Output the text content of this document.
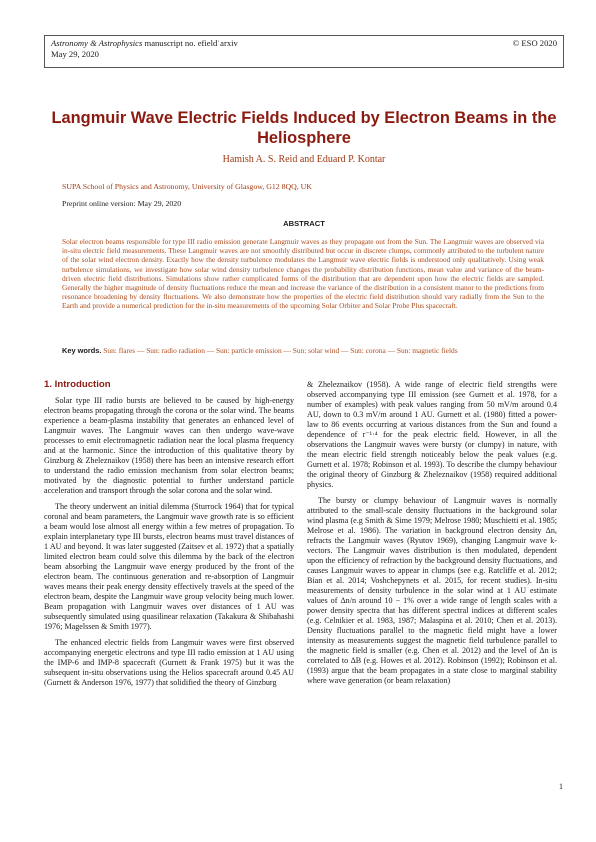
Astronomy & Astrophysics manuscript no. efield˙arxiv
May 29, 2020
© ESO 2020
Langmuir Wave Electric Fields Induced by Electron Beams in the Heliosphere
Hamish A. S. Reid and Eduard P. Kontar
SUPA School of Physics and Astronomy, University of Glasgow, G12 8QQ, UK
Preprint online version: May 29, 2020
ABSTRACT
Solar electron beams responsible for type III radio emission generate Langmuir waves as they propagate out from the Sun. The Langmuir waves are observed via in-situ electric field measurements. These Langmuir waves are not smoothly distributed but occur in discrete clumps, commonly attributed to the turbulent nature of the solar wind electron density. Exactly how the density turbulence modulates the Langmuir wave electric fields is understood only qualitatively. Using weak turbulence simulations, we investigate how solar wind density turbulence changes the probability distribution functions, mean value and variance of the beam-driven electric field distributions. Simulations show rather complicated forms of the distribution that are dependent upon how the electric fields are sampled. Generally the higher magnitude of density fluctuations reduce the mean and increase the variance of the distribution in a consistent manor to the predictions from resonance broadening by density fluctuations. We also demonstrate how the properties of the electric field distribution should vary radially from the Sun to the Earth and provide a numerical prediction for the in-situ measurements of the upcoming Solar Orbiter and Solar Probe Plus spacecraft.
Key words. Sun: flares — Sun: radio radiation — Sun: particle emission — Sun: solar wind — Sun: corona — Sun: magnetic fields
1. Introduction

Solar type III radio bursts are believed to be caused by high-energy electron beams propagating through the corona or the solar wind. The beams experience a beam-plasma instability that generates an enhanced level of Langmuir waves. The Langmuir waves can then undergo wave-wave processes to emit electromagnetic radiation near the local plasma frequency and at the harmonic. Since the introduction of this qualitative theory by Ginzburg & Zheleznaikov (1958) there has been an intensive research effort to understand the radio emission mechanism from solar electron beams; motivated by the diagnostic potential to further understand particle acceleration and transport through the solar corona and the solar wind.

The theory underwent an initial dilemma (Sturrock 1964) that for typical coronal and beam parameters, the Langmuir wave growth rate is so efficient a beam would lose almost all energy within a few metres of propagation. To explain interplanetary type III bursts, electron beams must travel distances of 1 AU and beyond. It was later suggested (Zaitsev et al. 1972) that a spatially limited electron beam could solve this dilemma by the back of the electron beam absorbing the Langmuir wave energy produced by the front of the electron beam. The continuous generation and re-absorption of Langmuir waves means their peak energy density effectively travels at the speed of the electron beam, despite the Langmuir wave group velocity being much lower. Beam propagation with Langmuir waves over distances of 1 AU was subsequently simulated using quasilinear relaxation (Takakura & Shibahashi 1976; Magelssen & Smith 1977).

The enhanced electric fields from Langmuir waves were first observed accompanying energetic electrons and type III radio emission at 1 AU using the IMP-6 and IMP-8 spacecraft (Gurnett & Frank 1975) but it was the subsequent in-situ observations using the Helios spacecraft around 0.45 AU (Gurnett & Anderson 1976, 1977) that solidified the theory of Ginzburg

& Zheleznaikov (1958). A wide range of electric field strengths were observed accompanying type III emission (see Gurnett et al. 1978, for a number of examples) with peak values ranging from 50 mV/m around 0.4 AU, down to 0.3 mV/m around 1 AU. Gurnett et al. (1980) fitted a power-law to 86 events occurring at various distances from the Sun and found a dependence of r⁻¹·⁴ for the peak electric field. However, in all the observations the Langmuir waves were bursty (or clumpy) in nature, with the mean electric field strength noticeably below the peak values (e.g. Gurnett et al. 1978; Robinson et al. 1993). To describe the clumpy behaviour the original theory of Ginzburg & Zheleznaikov (1958) required additional physics.

The bursty or clumpy behaviour of Langmuir waves is normally attributed to the small-scale density fluctuations in the background solar wind plasma (e.g Smith & Sime 1979; Melrose 1980; Muschietti et al. 1985; Melrose et al. 1986). The variation in background electron density Δnₑ refracts the Langmuir waves (Ryutov 1969), changing Langmuir wave k-vectors. The Langmuir waves distribution is then modulated, dependent upon the efficiency of refraction by the background density fluctuations, and causes Langmuir waves to appear in clumps (see e.g. Ratcliffe et al. 2012; Bian et al. 2014; Voshchepynets et al. 2015, for recent studies). In-situ measurements of density turbulence in the solar wind at 1 AU estimate values of Δn/n around 10 − 1% over a wide range of length scales with a power density spectra that has different spectral indices at different scales (e.g. Celnikier et al. 1983, 1987; Malaspina et al. 2010; Chen et al. 2013). Density fluctuations parallel to the magnetic field might have a lower intensity as measurements suggest the magnetic field turbulence parallel to the magnetic field is smaller (e.g. Chen et al. 2012) and the level of Δn is correlated to ΔB (e.g. Howes et al. 2012). Robinson (1992); Robinson et al. (1993) argue that the beam propagates in a state close to marginal stability where wave generation (or beam relaxation)

1
